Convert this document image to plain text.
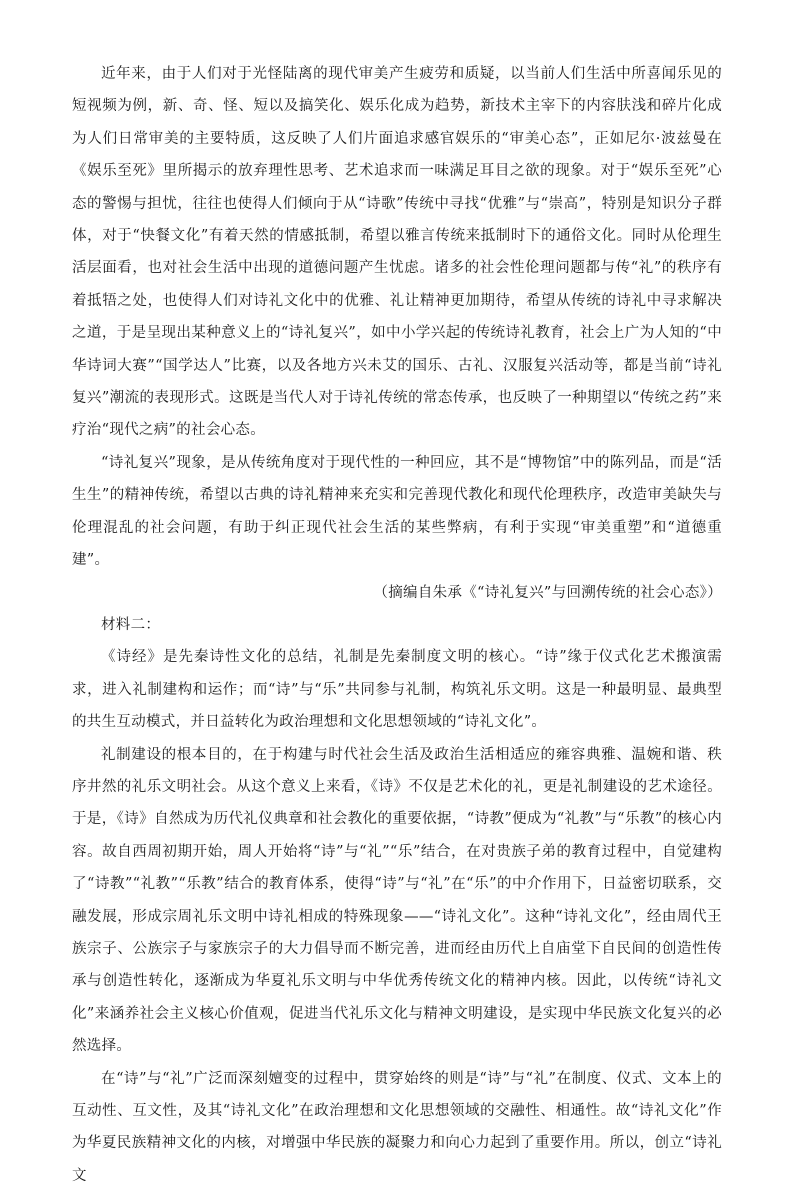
近年来，由于人们对于光怪陆离的现代审美产生疲劳和质疑，以当前人们生活中所喜闻乐见的短视频为例，新、奇、怪、短以及搞笑化、娱乐化成为趋势，新技术主宰下的内容肤浅和碎片化成为人们日常审美的主要特质，这反映了人们片面追求感官娱乐的“审美心态”，正如尼尔·波兹曼在《娱乐至死》里所揭示的放弃理性思考、艺术追求而一味满足耳目之欲的现象。对于“娱乐至死”心态的警惕与担忧，往往也使得人们倾向于从“诗歌”传统中寻找“优雅”与“崇高”，特别是知识分子群体，对于“快餐文化”有着天然的情感抵制，希望以雅言传统来抵制时下的通俗文化。同时从伦理生活层面看，也对社会生活中出现的道德问题产生忧虑。诸多的社会性伦理问题都与传“礼”的秩序有着抵牾之处，也使得人们对诗礼文化中的优雅、礼让精神更加期待，希望从传统的诗礼中寻求解决之道，于是呈现出某种意义上的“诗礼复兴”，如中小学兴起的传统诗礼教育，社会上广为人知的“中华诗词大赛”“国学达人”比赛，以及各地方兴未艾的国乐、古礼、汉服复兴活动等，都是当前“诗礼复兴”潮流的表现形式。这既是当代人对于诗礼传统的常态传承，也反映了一种期望以“传统之药”来疗治“现代之病”的社会心态。

“诗礼复兴”现象，是从传统角度对于现代性的一种回应，其不是“博物馆”中的陈列品，而是“活生生”的精神传统，希望以古典的诗礼精神来充实和完善现代教化和现代伦理秩序，改造审美缺失与伦理混乱的社会问题，有助于纠正现代社会生活的某些弊病，有利于实现“审美重塑”和“道德重建”。

（摘编自朱承《“诗礼复兴”与回溯传统的社会心态》）

材料二：

《诗经》是先秦诗性文化的总结，礼制是先秦制度文明的核心。“诗”缘于仪式化艺术搬演需求，进入礼制建构和运作；而“诗”与“乐”共同参与礼制，构筑礼乐文明。这是一种最明显、最典型的共生互动模式，并日益转化为政治理想和文化思想领域的“诗礼文化”。

礼制建设的根本目的，在于构建与时代社会生活及政治生活相适应的雍容典雅、温婉和谐、秩序井然的礼乐文明社会。从这个意义上来看，《诗》不仅是艺术化的礼，更是礼制建设的艺术途径。于是，《诗》自然成为历代礼仪典章和社会教化的重要依据，“诗教”便成为“礼教”与“乐教”的核心内容。故自西周初期开始，周人开始将“诗”与“礼”“乐”结合，在对贵族子弟的教育过程中，自觉建构了“诗教”“礼教”“乐教”结合的教育体系，使得“诗”与“礼”在“乐”的中介作用下，日益密切联系，交融发展，形成宗周礼乐文明中诗礼相成的特殊现象——“诗礼文化”。这种“诗礼文化”，经由周代王族宗子、公族宗子与家族宗子的大力倡导而不断完善，进而经由历代上自庙堂下自民间的创造性传承与创造性转化，逐渐成为华夏礼乐文明与中华优秀传统文化的精神内核。因此，以传统“诗礼文化”来涵养社会主义核心价值观，促进当代礼乐文化与精神文明建设，是实现中华民族文化复兴的必然选择。

在“诗”与“礼”广泛而深刻嬗变的过程中，贯穿始终的则是“诗”与“礼”在制度、仪式、文本上的互动性、互文性，及其“诗礼文化”在政治理想和文化思想领域的交融性、相通性。故“诗礼文化”作为华夏民族精神文化的内核，对增强中华民族的凝聚力和向心力起到了重要作用。所以，创立“诗礼文
